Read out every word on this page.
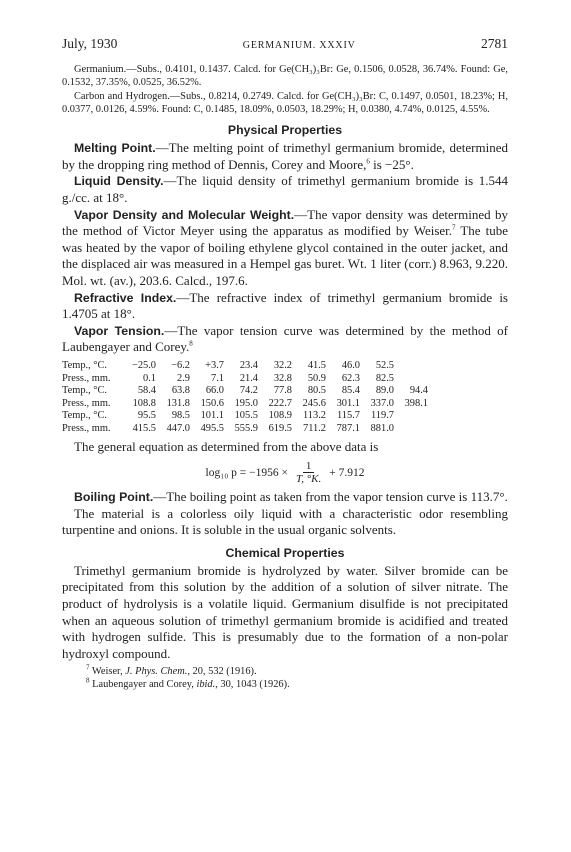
July, 1930	GERMANIUM. XXXIV	2781

Germanium.—Subs., 0.4101, 0.1437. Calcd. for Ge(CH₃)₃Br: Ge, 0.1506, 0.0528, 36.74%. Found: Ge, 0.1532, 37.35%, 0.0525, 36.52%.

Carbon and Hydrogen.—Subs., 0.8214, 0.2749. Calcd. for Ge(CH₃)₃Br: C, 0.1497, 0.0501, 18.23%; H, 0.0377, 0.0126, 4.59%. Found: C, 0.1485, 18.09%, 0.0503, 18.29%; H, 0.0380, 4.74%, 0.0125, 4.55%.

Physical Properties

Melting Point.—The melting point of trimethyl germanium bromide, determined by the dropping ring method of Dennis, Corey and Moore,$^6$ is −25°.

Liquid Density.—The liquid density of trimethyl germanium bromide is 1.544 g./cc. at 18°.

Vapor Density and Molecular Weight.—The vapor density was determined by the method of Victor Meyer using the apparatus as modified by Weiser.$^7$ The tube was heated by the vapor of boiling ethylene glycol contained in the outer jacket, and the displaced air was measured in a Hempel gas buret. Wt. 1 liter (corr.) 8.963, 9.220. Mol. wt. (av.), 203.6. Calcd., 197.6.

Refractive Index.—The refractive index of trimethyl germanium bromide is 1.4705 at 18°.

Vapor Tension.—The vapor tension curve was determined by the method of Laubengayer and Corey.$^8$

Temp., °C.	−25.0	−6.2	+3.7	23.4	32.2	41.5	46.0	52.5	
Press., mm.	0.1	2.9	7.1	21.4	32.8	50.9	62.3	82.5	
Temp., °C.	58.4	63.8	66.0	74.2	77.8	80.5	85.4	89.0	94.4
Press., mm.	108.8	131.8	150.6	195.0	222.7	245.6	301.1	337.0	398.1
Temp., °C.	95.5	98.5	101.1	105.5	108.9	113.2	115.7	119.7	
Press., mm.	415.5	447.0	495.5	555.9	619.5	711.2	787.1	881.0	

The general equation as determined from the above data is

log₁₀ $p = -1956 \times \frac{1}{T, ^\circ K.} + 7.912$

Boiling Point.—The boiling point as taken from the vapor tension curve is 113.7°.

The material is a colorless oily liquid with a characteristic odor resembling turpentine and onions. It is soluble in the usual organic solvents.

Chemical Properties

Trimethyl germanium bromide is hydrolyzed by water. Silver bromide can be precipitated from this solution by the addition of a solution of silver nitrate. The product of hydrolysis is a volatile liquid. Germanium disulfide is not precipitated when an aqueous solution of trimethyl germanium bromide is acidified and treated with hydrogen sulfide. This is presumably due to the formation of a non-polar hydroxyl compound.

$^7$ Weiser, J. Phys. Chem., 20, 532 (1916).
$^8$ Laubengayer and Corey, ibid., 30, 1043 (1926).
